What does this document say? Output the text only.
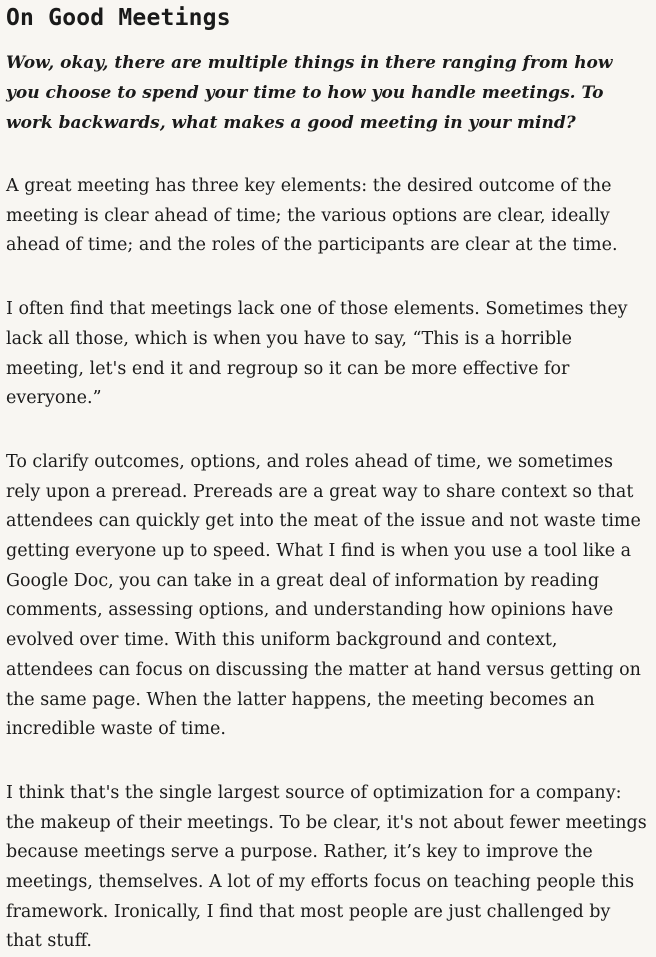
On Good Meetings

Wow, okay, there are multiple things in there ranging from how you choose to spend your time to how you handle meetings. To work backwards, what makes a good meeting in your mind?

A great meeting has three key elements: the desired outcome of the meeting is clear ahead of time; the various options are clear, ideally ahead of time; and the roles of the participants are clear at the time.

I often find that meetings lack one of those elements. Sometimes they lack all those, which is when you have to say, “This is a horrible meeting, let's end it and regroup so it can be more effective for everyone.”

To clarify outcomes, options, and roles ahead of time, we sometimes rely upon a preread. Prereads are a great way to share context so that attendees can quickly get into the meat of the issue and not waste time getting everyone up to speed. What I find is when you use a tool like a Google Doc, you can take in a great deal of information by reading comments, assessing options, and understanding how opinions have evolved over time. With this uniform background and context, attendees can focus on discussing the matter at hand versus getting on the same page. When the latter happens, the meeting becomes an incredible waste of time.

I think that's the single largest source of optimization for a company: the makeup of their meetings. To be clear, it's not about fewer meetings because meetings serve a purpose. Rather, it’s key to improve the meetings, themselves. A lot of my efforts focus on teaching people this framework. Ironically, I find that most people are just challenged by that stuff.
